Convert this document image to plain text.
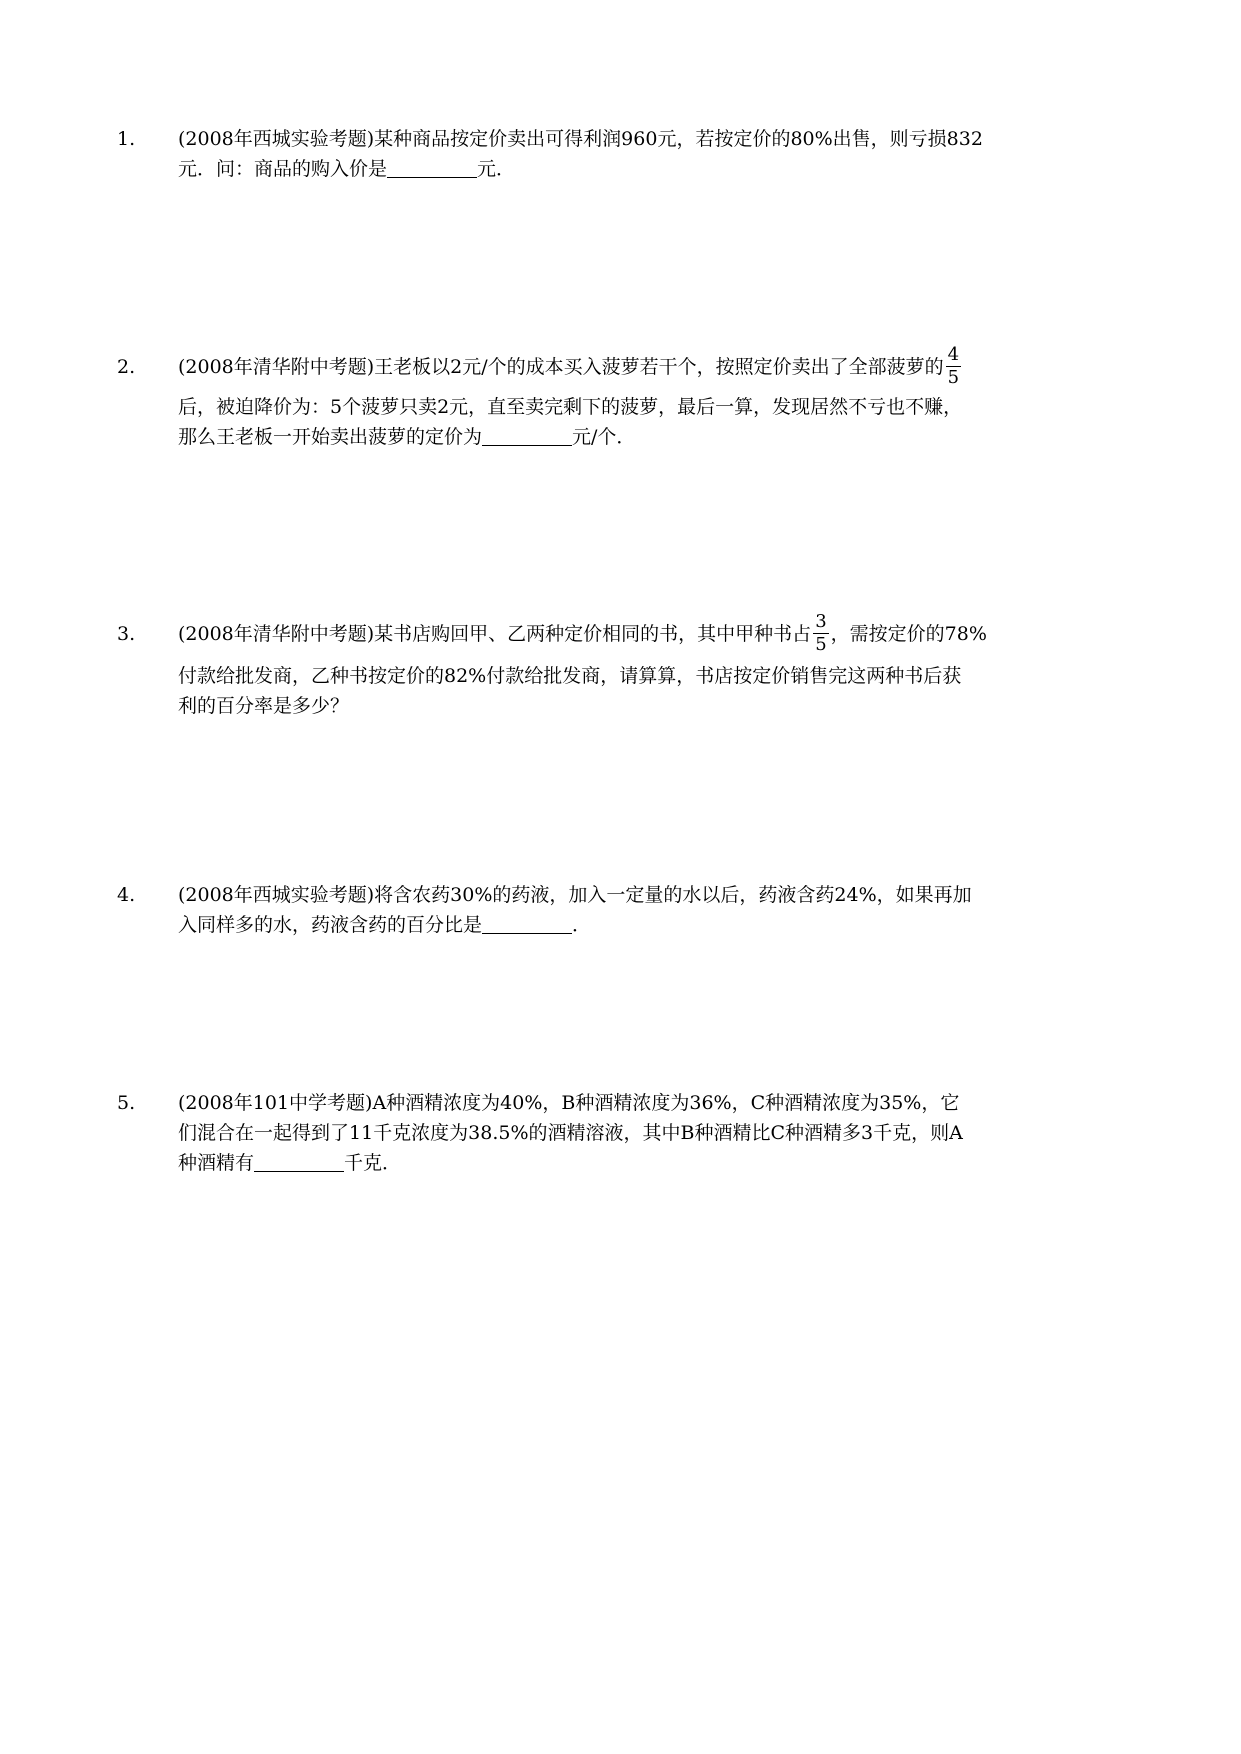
1.	(2008年西城实验考题)某种商品按定价卖出可得利润960元，若按定价的80%出售，则亏损832
元．问：商品的购入价是	元．
2.	(2008年清华附中考题)王老板以2元/个的成本买入菠萝若干个，按照定价卖出了全部菠萝的 $\frac{4}{5}$
后，被迫降价为：5个菠萝只卖2元，直至卖完剩下的菠萝，最后一算，发现居然不亏也不赚，
那么王老板一开始卖出菠萝的定价为	元/个．
3.	(2008年清华附中考题)某书店购回甲、乙两种定价相同的书，其中甲种书占 $\frac{3}{5}$ ，需按定价的78%
付款给批发商，乙种书按定价的82%付款给批发商，请算算，书店按定价销售完这两种书后获
利的百分率是多少？
4.	(2008年西城实验考题)将含农药30%的药液，加入一定量的水以后，药液含药24%，如果再加
入同样多的水，药液含药的百分比是	．
5.	(2008年101中学考题)A种酒精浓度为40%，B种酒精浓度为36%，C种酒精浓度为35%，它
们混合在一起得到了11千克浓度为38.5%的酒精溶液，其中B种酒精比C种酒精多3千克，则A
种酒精有	千克．
